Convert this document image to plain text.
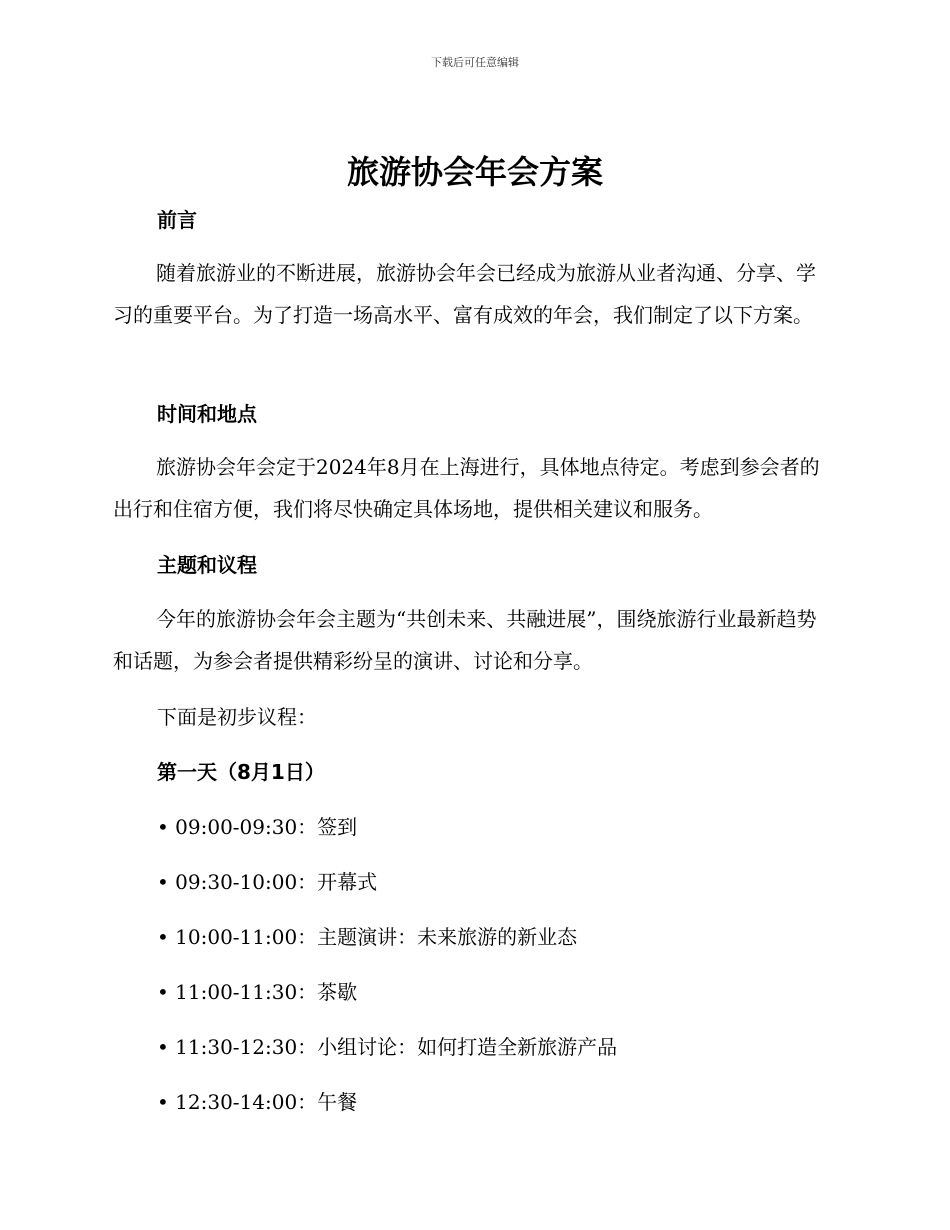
下载后可任意编辑
旅游协会年会方案
前言

随着旅游业的不断进展，旅游协会年会已经成为旅游从业者沟通、分享、学习的重要平台。为了打造一场高水平、富有成效的年会，我们制定了以下方案。

时间和地点

旅游协会年会定于2024年8月在上海进行，具体地点待定。考虑到参会者的出行和住宿方便，我们将尽快确定具体场地，提供相关建议和服务。

主题和议程

今年的旅游协会年会主题为“共创未来、共融进展”，围绕旅游行业最新趋势和话题，为参会者提供精彩纷呈的演讲、讨论和分享。

下面是初步议程：

第一天（8月1日）

• 09:00-09:30：签到

• 09:30-10:00：开幕式

• 10:00-11:00：主题演讲：未来旅游的新业态

• 11:00-11:30：茶歇

• 11:30-12:30：小组讨论：如何打造全新旅游产品

• 12:30-14:00：午餐
